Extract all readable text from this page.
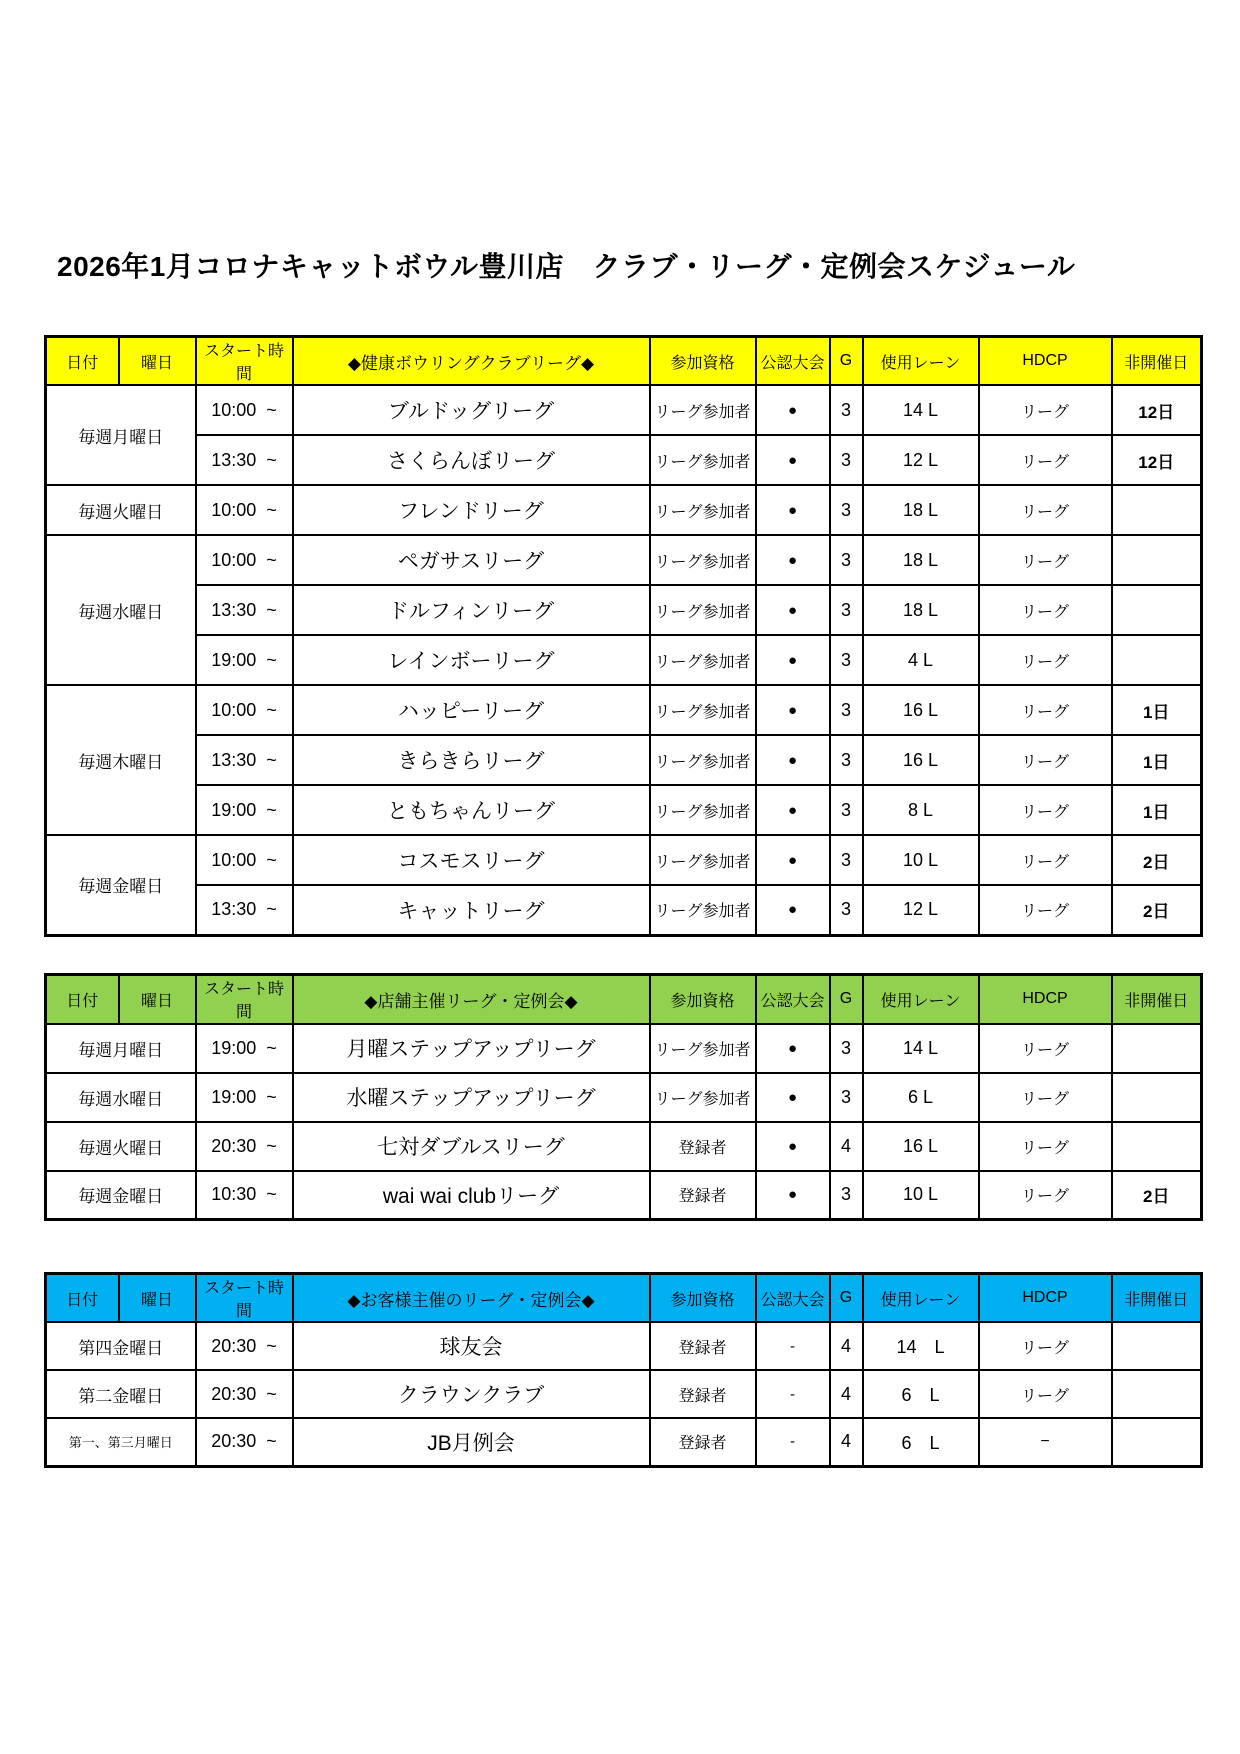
2026年1月コロナキャットボウル豊川店　クラブ・リーグ・定例会スケジュール
日付	曜日	スタート時間	◆健康ボウリングクラブリーグ◆	参加資格	公認大会	G	使用レーン	HDCP	非開催日
毎週月曜日		10:00  ~	ブルドッグリーグ	リーグ参加者	●	3	14 L	リーグ	12日
		13:30  ~	さくらんぼリーグ	リーグ参加者	●	3	12 L	リーグ	12日
毎週火曜日		10:00  ~	フレンドリーグ	リーグ参加者	●	3	18 L	リーグ	
毎週水曜日		10:00  ~	ペガサスリーグ	リーグ参加者	●	3	18 L	リーグ	
		13:30  ~	ドルフィンリーグ	リーグ参加者	●	3	18 L	リーグ	
		19:00  ~	レインボーリーグ	リーグ参加者	●	3	4 L	リーグ	
毎週木曜日		10:00  ~	ハッピーリーグ	リーグ参加者	●	3	16 L	リーグ	1日
		13:30  ~	きらきらリーグ	リーグ参加者	●	3	16 L	リーグ	1日
		19:00  ~	ともちゃんリーグ	リーグ参加者	●	3	8 L	リーグ	1日
毎週金曜日		10:00  ~	コスモスリーグ	リーグ参加者	●	3	10 L	リーグ	2日
		13:30  ~	キャットリーグ	リーグ参加者	●	3	12 L	リーグ	2日
日付	曜日	スタート時間	◆店舗主催リーグ・定例会◆	参加資格	公認大会	G	使用レーン	HDCP	非開催日
毎週月曜日		19:00  ~	月曜ステップアップリーグ	リーグ参加者	●	3	14 L	リーグ	
毎週水曜日		19:00  ~	水曜ステップアップリーグ	リーグ参加者	●	3	6 L	リーグ	
毎週火曜日		20:30  ~	七対ダブルスリーグ	登録者	●	4	16 L	リーグ	
毎週金曜日		10:30  ~	wai wai clubリーグ	登録者	●	3	10 L	リーグ	2日
日付	曜日	スタート時間	◆お客様主催のリーグ・定例会◆	参加資格	公認大会	G	使用レーン	HDCP	非開催日
第四金曜日		20:30  ~	球友会	登録者	-	4	14　L	リーグ	
第二金曜日		20:30  ~	クラウンクラブ	登録者	-	4	6　L	リーグ	
第一、第三月曜日		20:30  ~	JB月例会	登録者	-	4	6　L	−	
